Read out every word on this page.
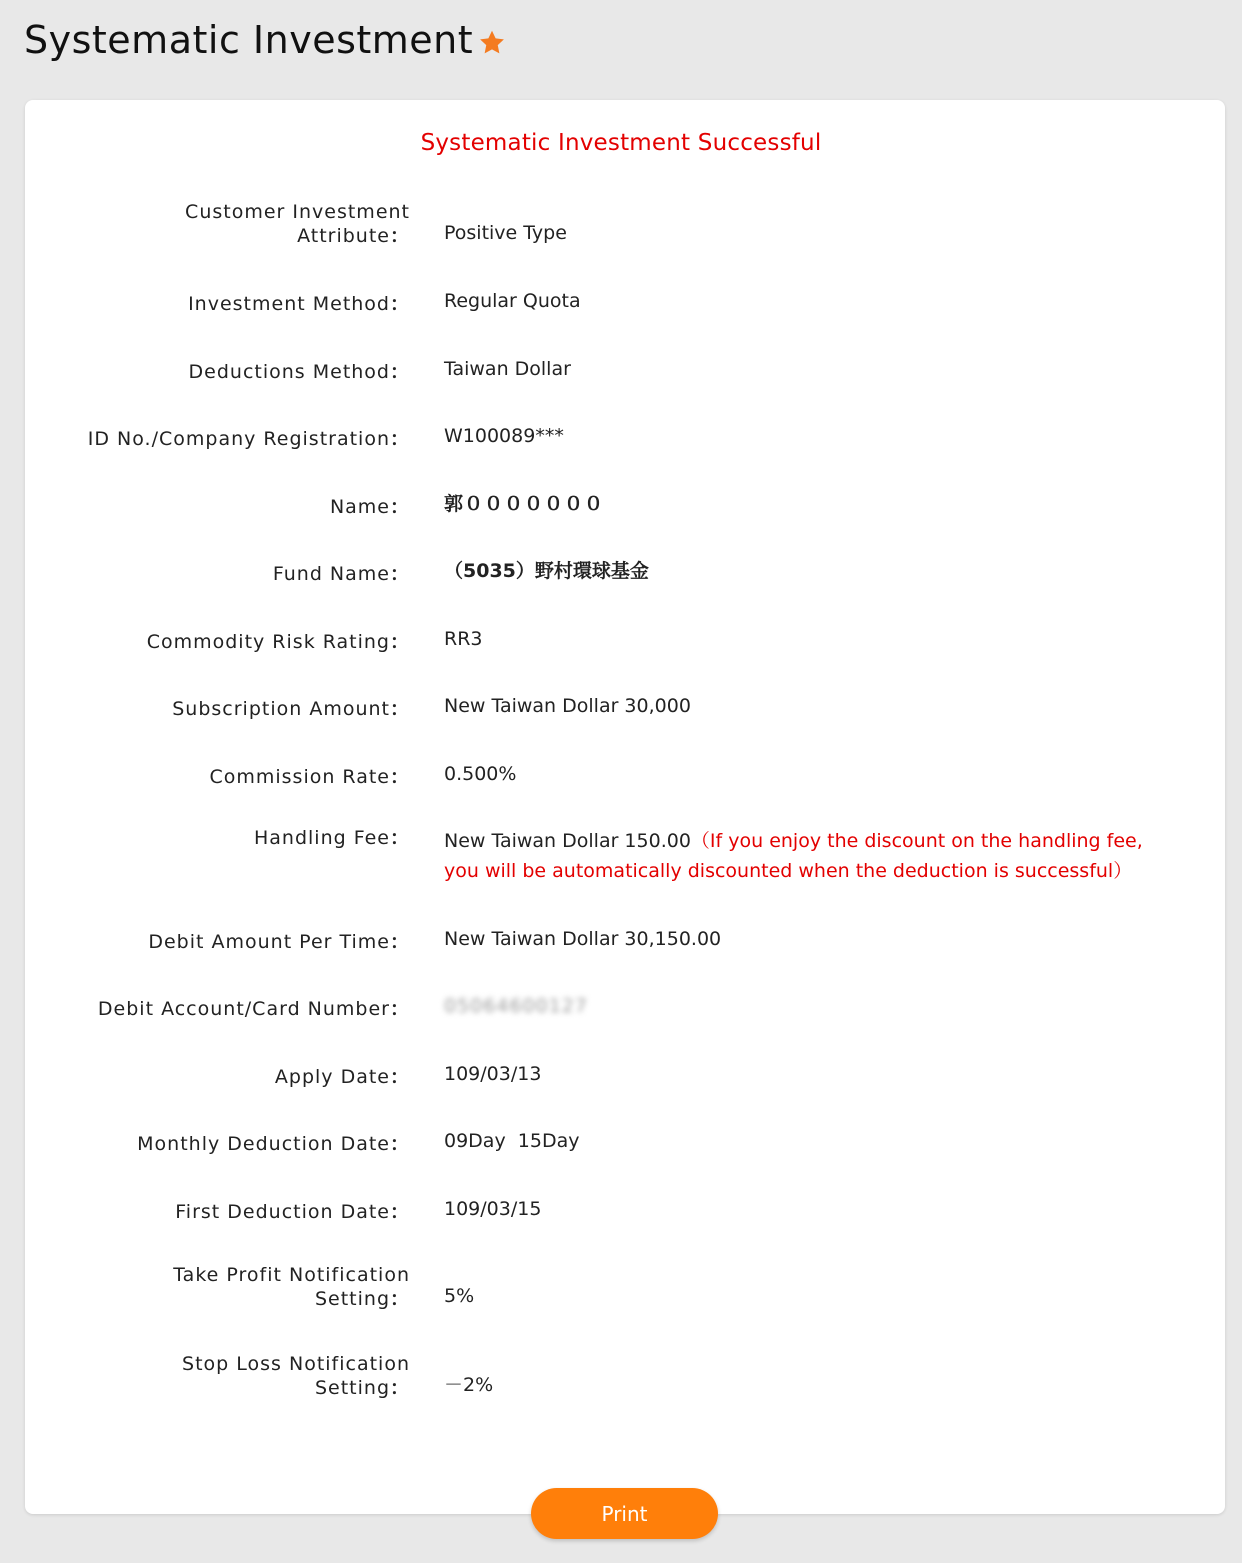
Systematic Investment
Systematic Investment Successful
Customer Investment
Attribute： Positive Type
Investment Method： Regular Quota
Deductions Method： Taiwan Dollar
ID No./Company Registration： W100089***
Name： 郭０００００００
Fund Name： （5035）野村環球基金
Commodity Risk Rating： RR3
Subscription Amount： New Taiwan Dollar 30,000
Commission Rate： 0.500%
Handling Fee： New Taiwan Dollar 150.00（If you enjoy the discount on the handling fee, you will be automatically discounted when the deduction is successful）
Debit Amount Per Time： New Taiwan Dollar 30,150.00
Debit Account/Card Number： 05064600127
Apply Date： 109/03/13
Monthly Deduction Date： 09Day  15Day
First Deduction Date： 109/03/15
Take Profit Notification
Setting： 5%
Stop Loss Notification
Setting： －2%
Print
